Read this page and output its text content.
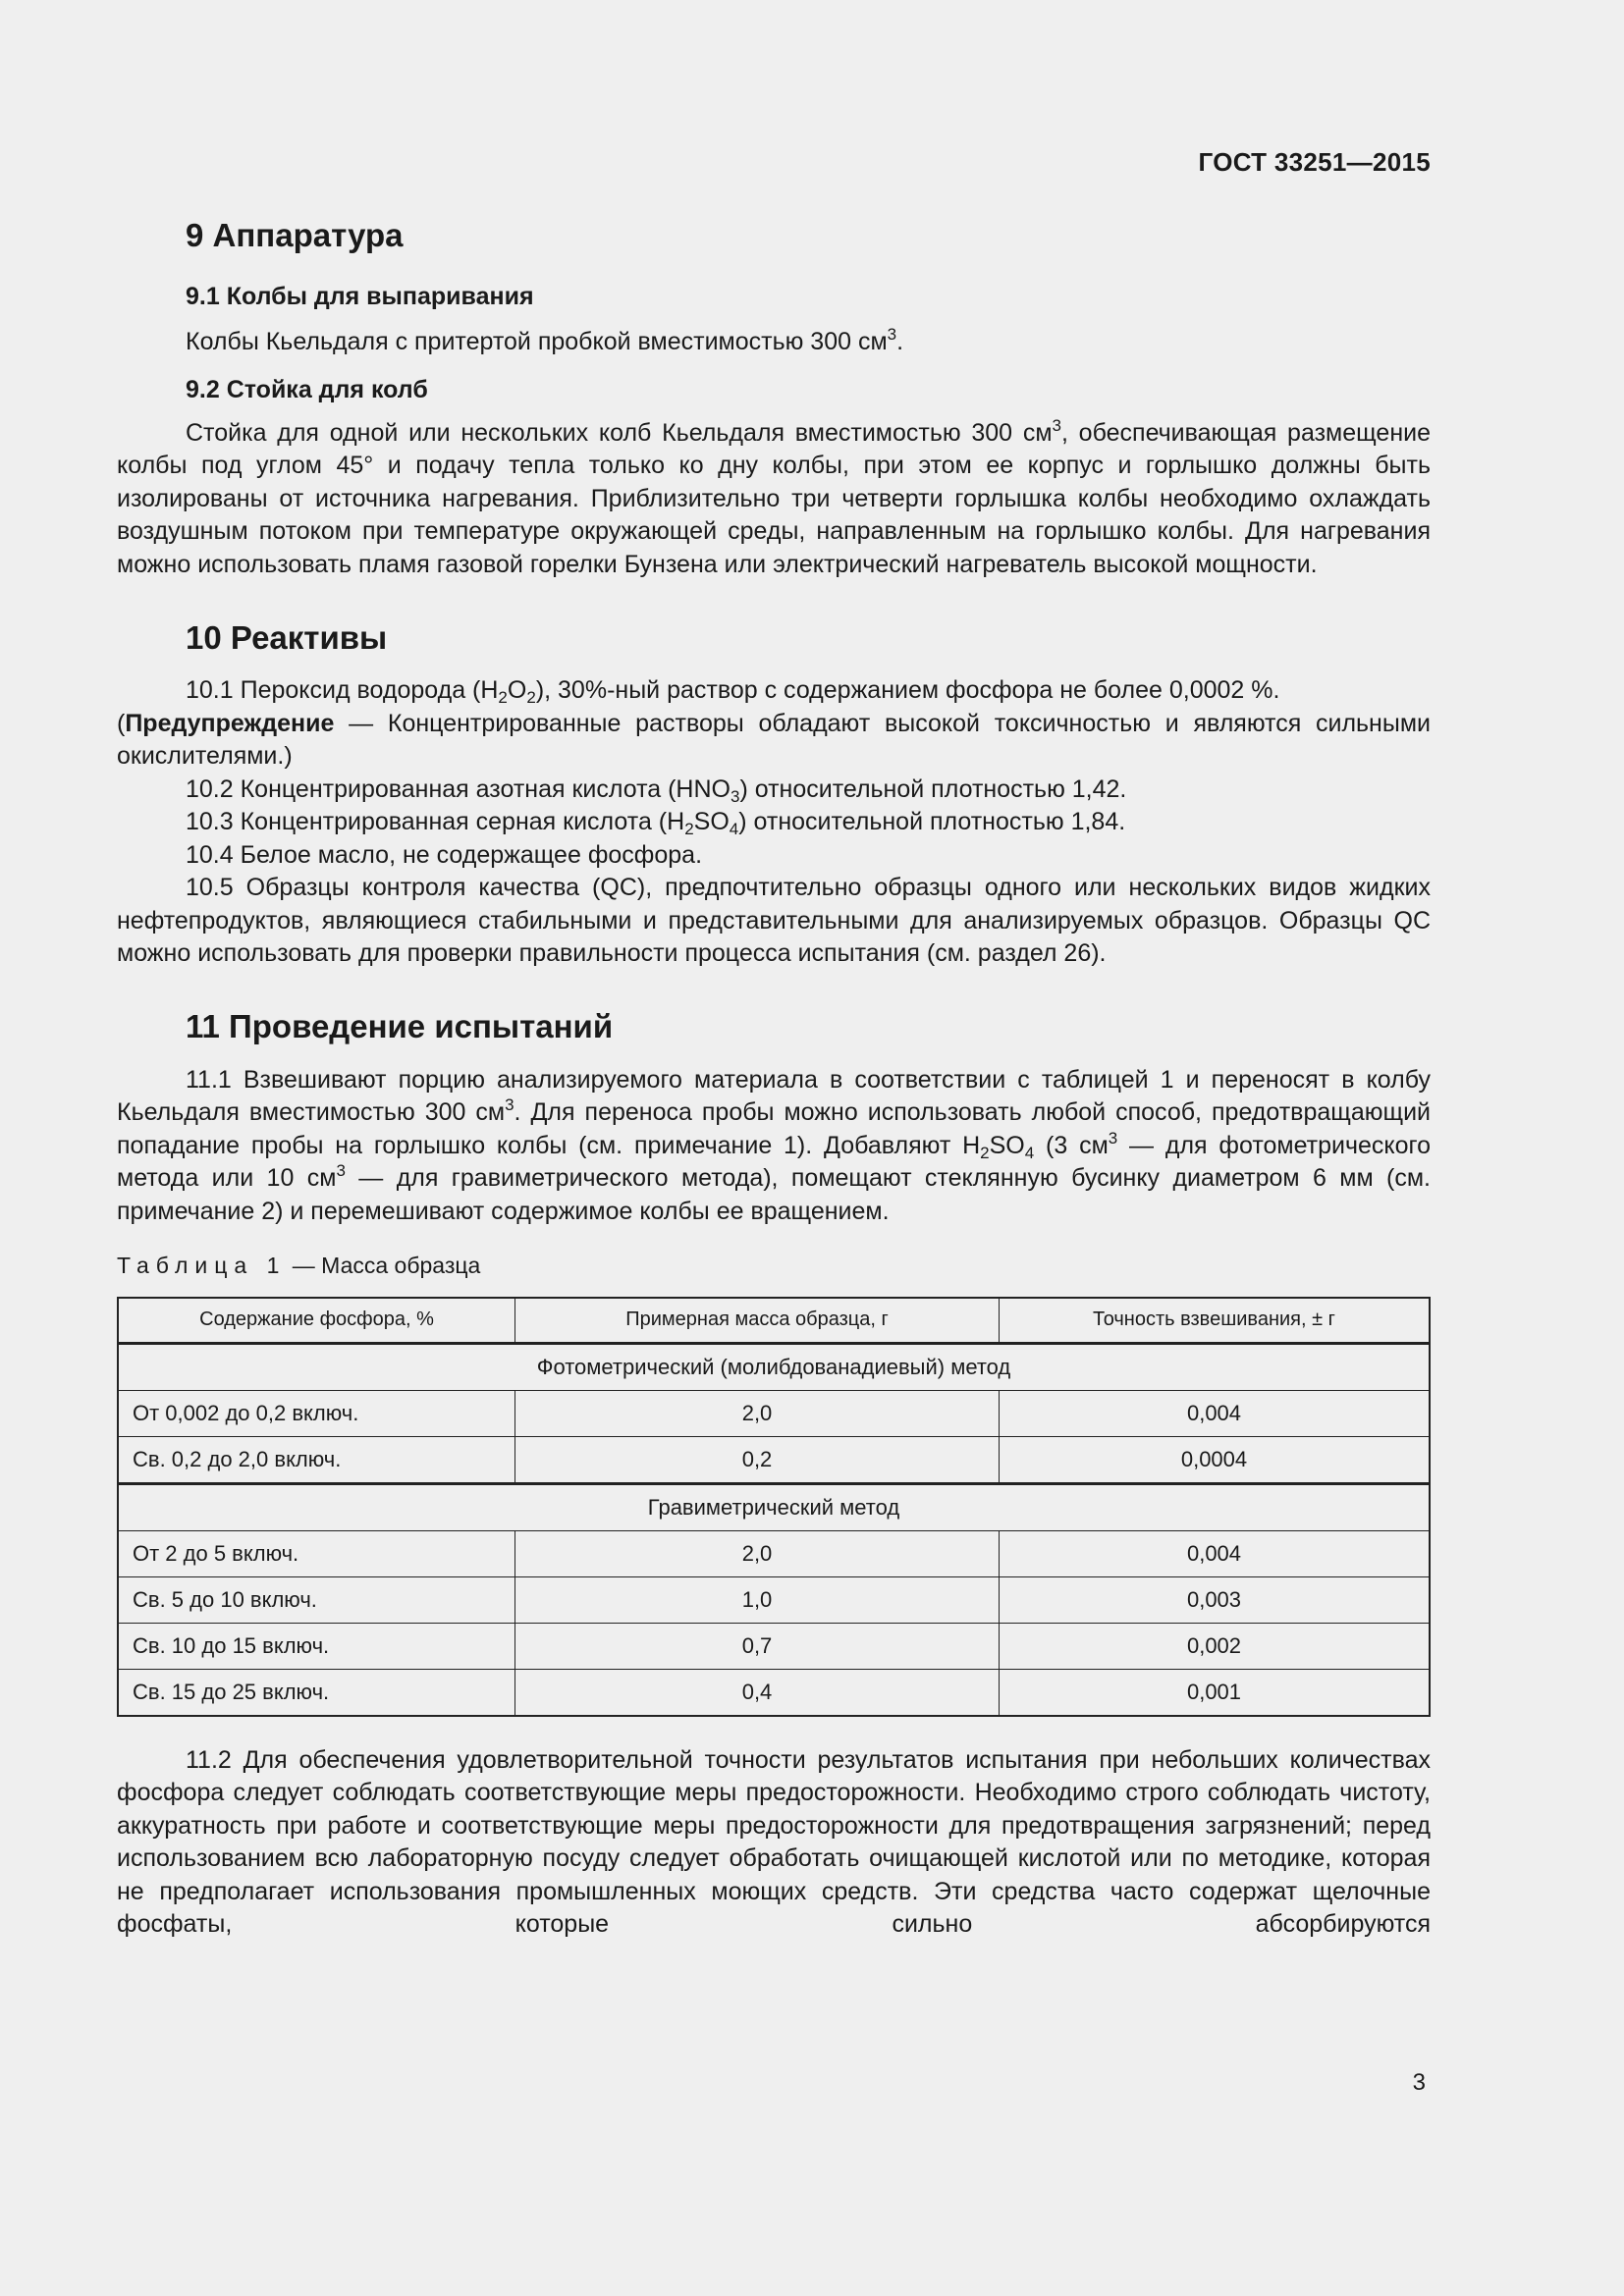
ГОСТ 33251—2015
9 Аппаратура
9.1 Колбы для выпаривания

Колбы Кьельдаля с притертой пробкой вместимостью 300 $см^3$.

9.2 Стойка для колб

Стойка для одной или нескольких колб Кьельдаля вместимостью 300 $см^3$, обеспечивающая размещение колбы под углом 45° и подачу тепла только ко дну колбы, при этом ее корпус и горлышко должны быть изолированы от источника нагревания. Приблизительно три четверти горлышка колбы необходимо охлаждать воздушным потоком при температуре окружающей среды, направленным на горлышко колбы. Для нагревания можно использовать пламя газовой горелки Бунзена или электрический нагреватель высокой мощности.

10 Реактивы

10.1 Пероксид водорода $(H_2O_2)$, 30%-ный раствор с содержанием фосфора не более 0,0002 %.

(Предупреждение — Концентрированные растворы обладают высокой токсичностью и являются сильными окислителями.)

10.2 Концентрированная азотная кислота $(HNO_3)$ относительной плотностью 1,42.

10.3 Концентрированная серная кислота $(H_2SO_4)$ относительной плотностью 1,84.

10.4 Белое масло, не содержащее фосфора.

10.5 Образцы контроля качества (QC), предпочтительно образцы одного или нескольких видов жидких нефтепродуктов, являющиеся стабильными и представительными для анализируемых образцов. Образцы QC можно использовать для проверки правильности процесса испытания (см. раздел 26).

11 Проведение испытаний

11.1 Взвешивают порцию анализируемого материала в соответствии с таблицей 1 и переносят в колбу Кьельдаля вместимостью 300 $см^3$. Для переноса пробы можно использовать любой способ, предотвращающий попадание пробы на горлышко колбы (см. примечание 1). Добавляют $H_2SO_4$ (3 $см^3$ — для фотометрического метода или 10 $см^3$ — для гравиметрического метода), помещают стеклянную бусинку диаметром 6 мм (см. примечание 2) и перемешивают содержимое колбы ее вращением.

Таблица 1 — Масса образца
Содержание фосфора, %	Примерная масса образца, г	Точность взвешивания, ± г
Фотометрический (молибдованадиевый) метод		
От 0,002 до 0,2 включ.	2,0	0,004
Св. 0,2 до 2,0 включ.	0,2	0,0004
Гравиметрический метод		
От 2 до 5 включ.	2,0	0,004
Св. 5 до 10 включ.	1,0	0,003
Св. 10 до 15 включ.	0,7	0,002
Св. 15 до 25 включ.	0,4	0,001

11.2 Для обеспечения удовлетворительной точности результатов испытания при небольших количествах фосфора следует соблюдать соответствующие меры предосторожности. Необходимо строго соблюдать чистоту, аккуратность при работе и соответствующие меры предосторожности для предотвращения загрязнений; перед использованием всю лабораторную посуду следует обработать очищающей кислотой или по методике, которая не предполагает использования промышленных моющих средств. Эти средства часто содержат щелочные фосфаты, которые сильно абсорбируются

3
